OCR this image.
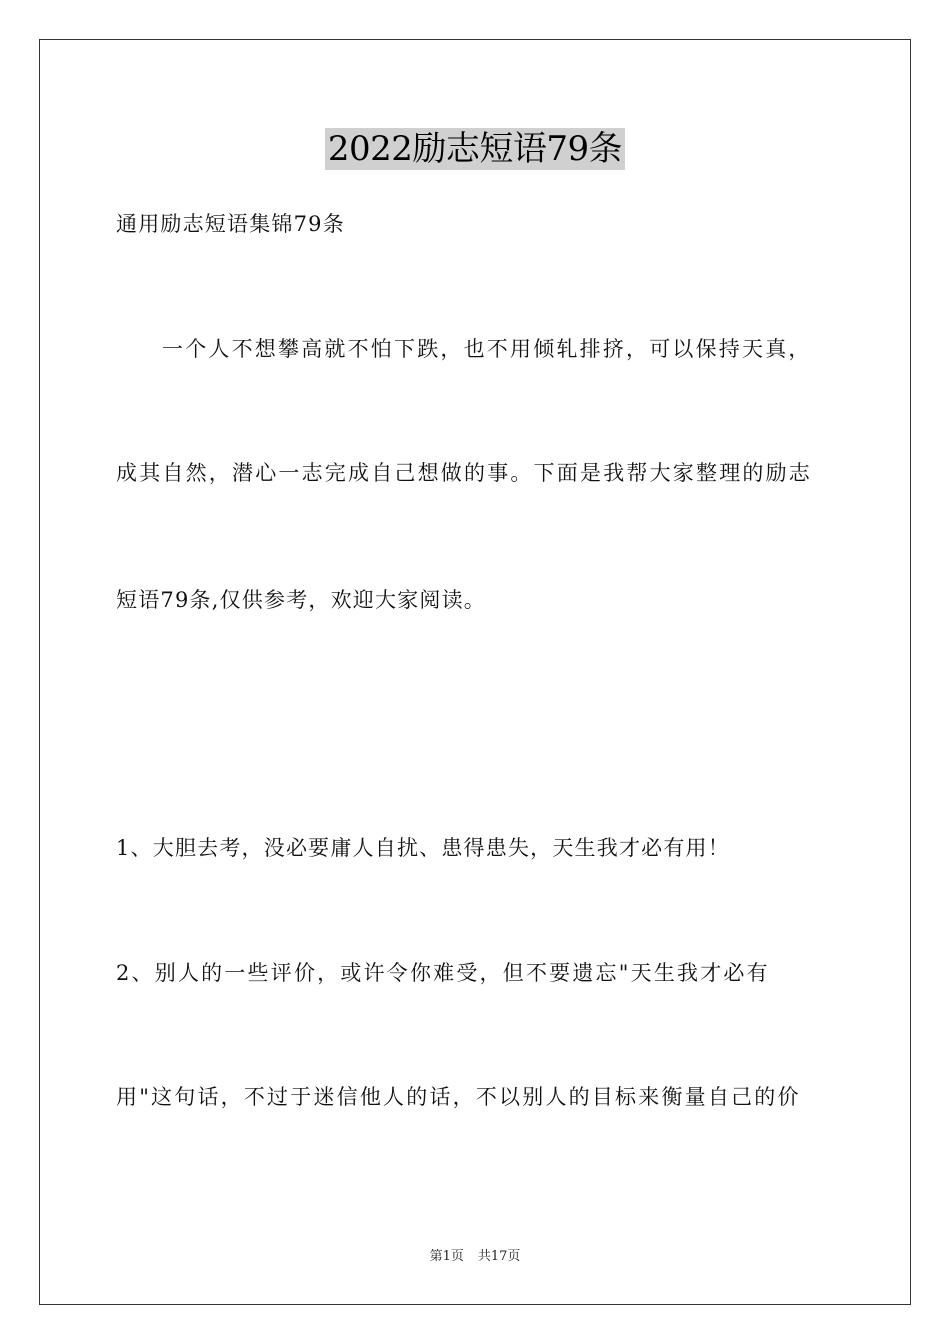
2022励志短语79条
通用励志短语集锦79条
一个人不想攀高就不怕下跌，也不用倾轧排挤，可以保持天真，
成其自然，潜心一志完成自己想做的事。下面是我帮大家整理的励志
短语79条,仅供参考，欢迎大家阅读。
1、大胆去考，没必要庸人自扰、患得患失，天生我才必有用！
2、别人的一些评价，或许令你难受，但不要遗忘"天生我才必有
用"这句话，不过于迷信他人的话，不以别人的目标来衡量自己的价
第1页 共17页
